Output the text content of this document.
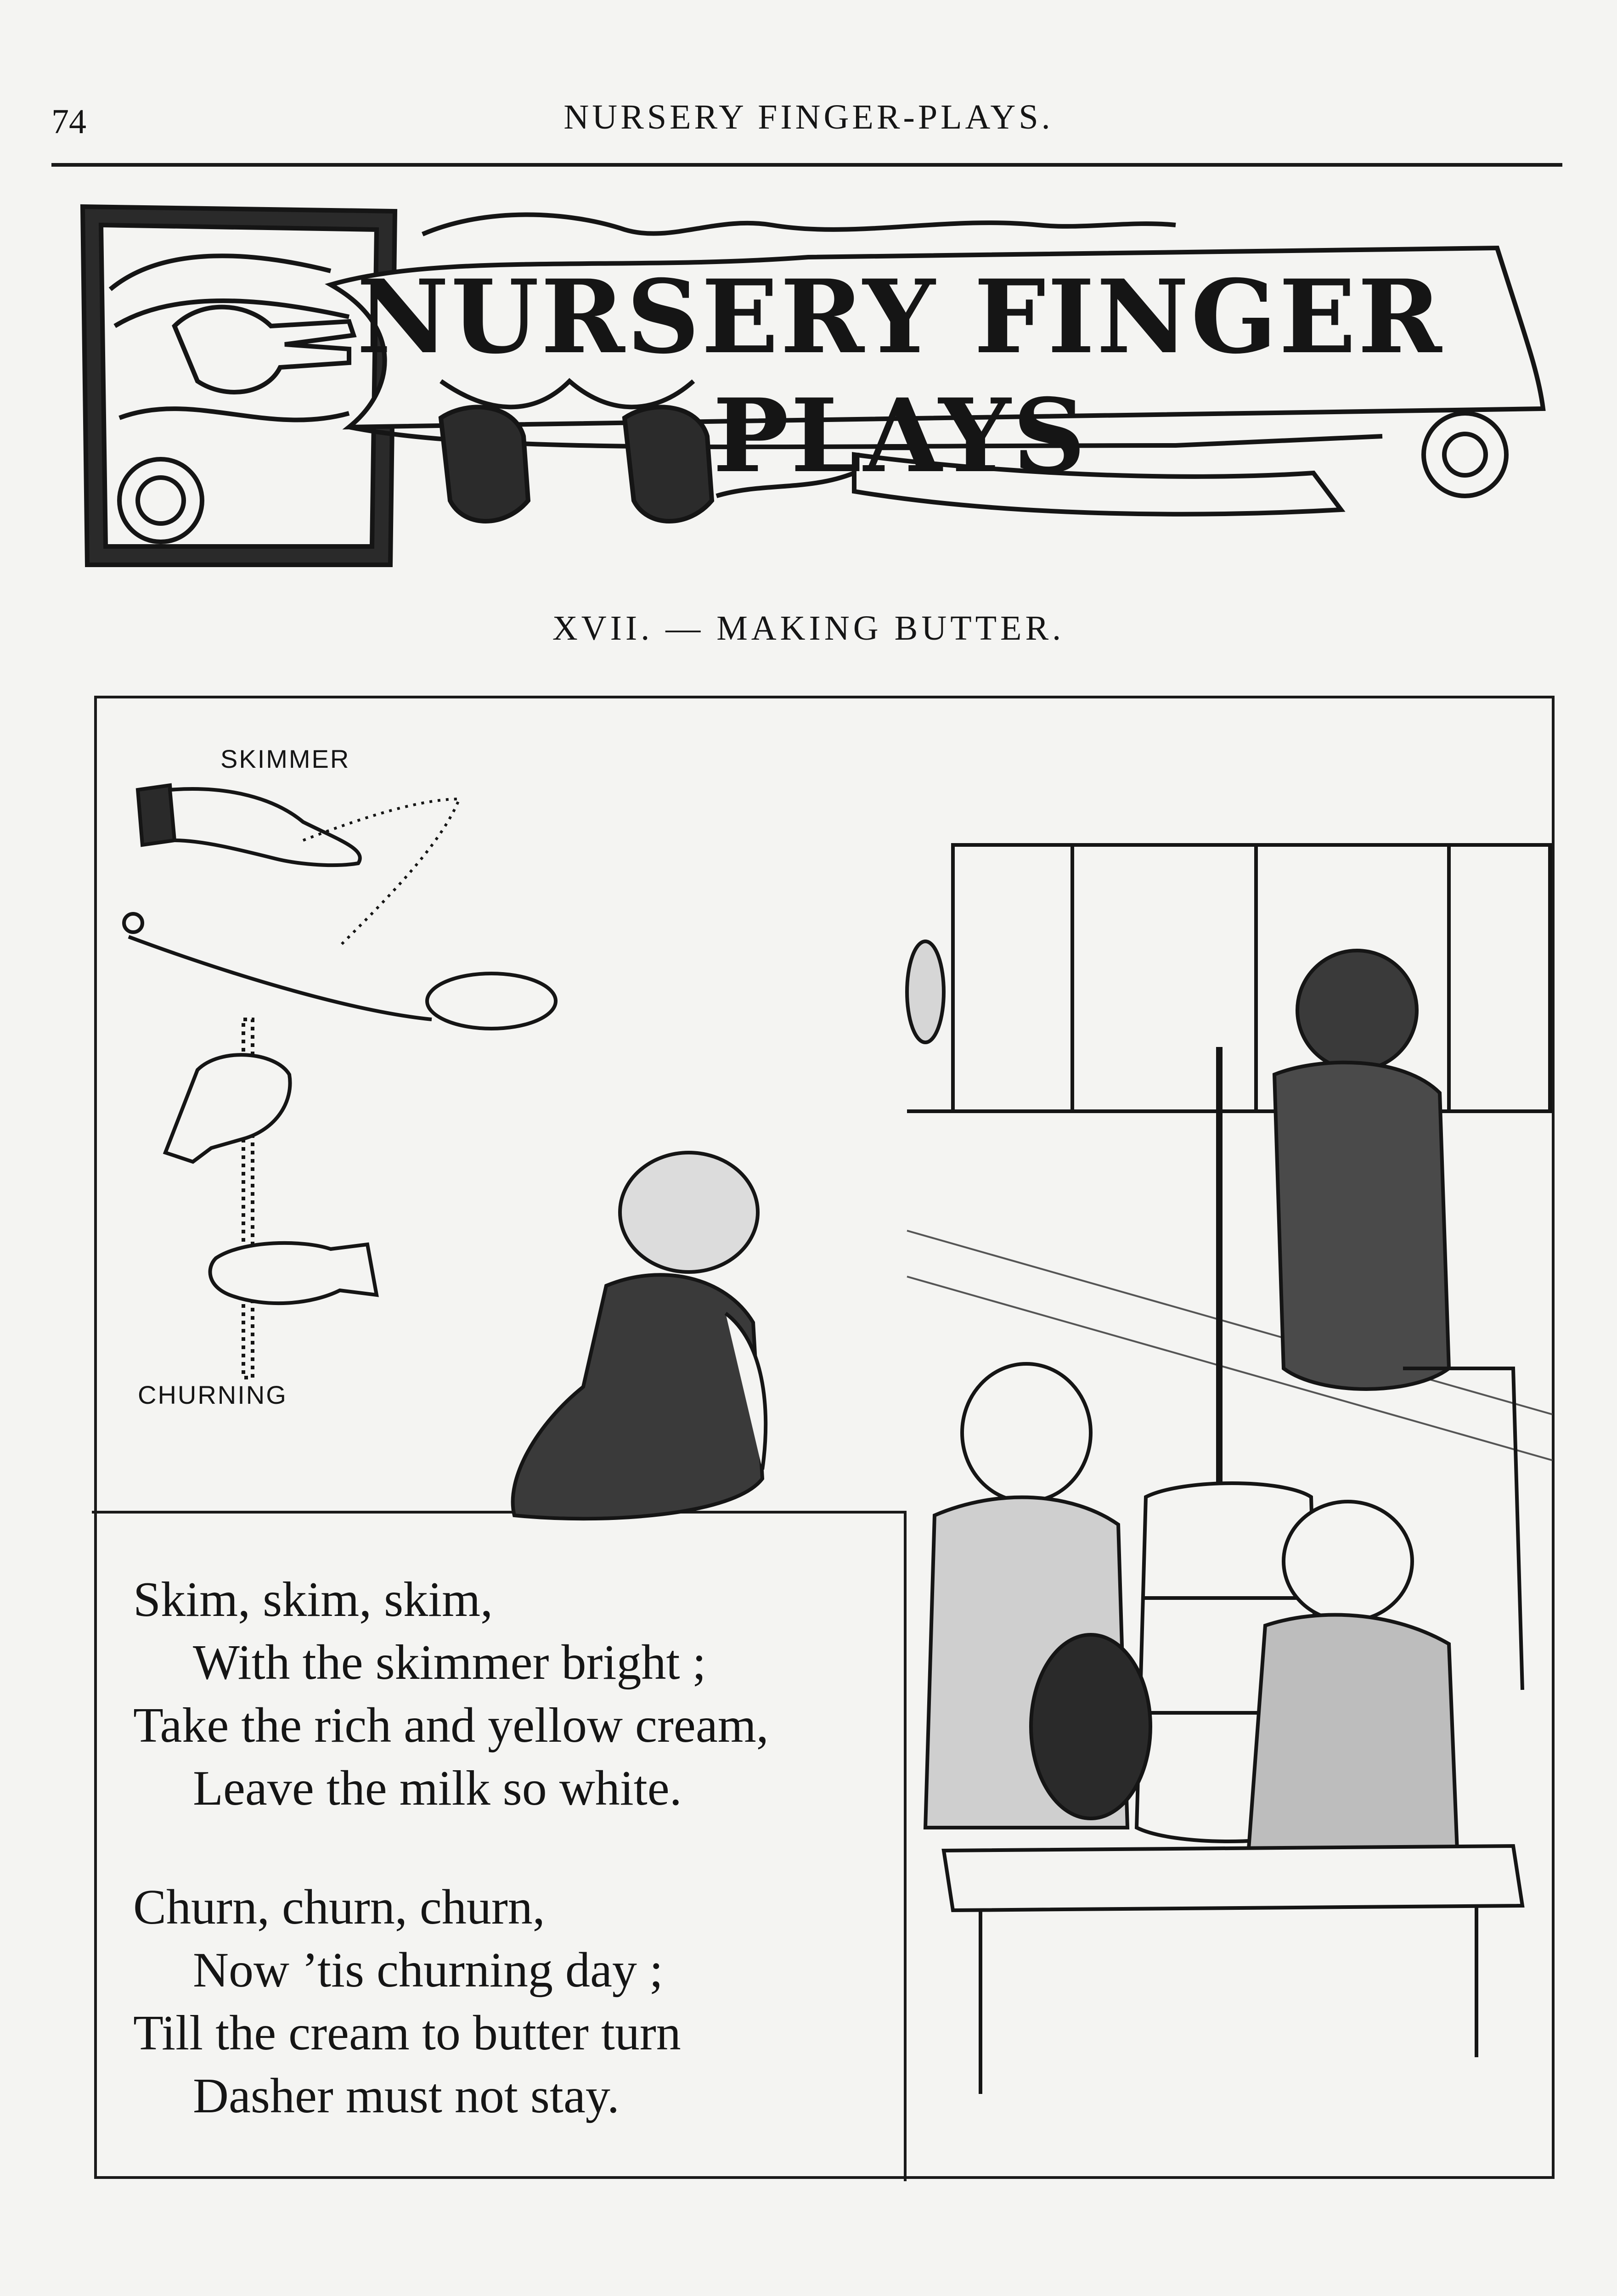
74	NURSERY FINGER-PLAYS.
NURSERY FINGER PLAYS
XVII. — MAKING BUTTER.
SKIMMER
CHURNING
Skim, skim, skim,
With the skimmer bright ;
Take the rich and yellow cream,
Leave the milk so white.
Churn, churn, churn,
Now ’tis churning day ;
Till the cream to butter turn
Dasher must not stay.
